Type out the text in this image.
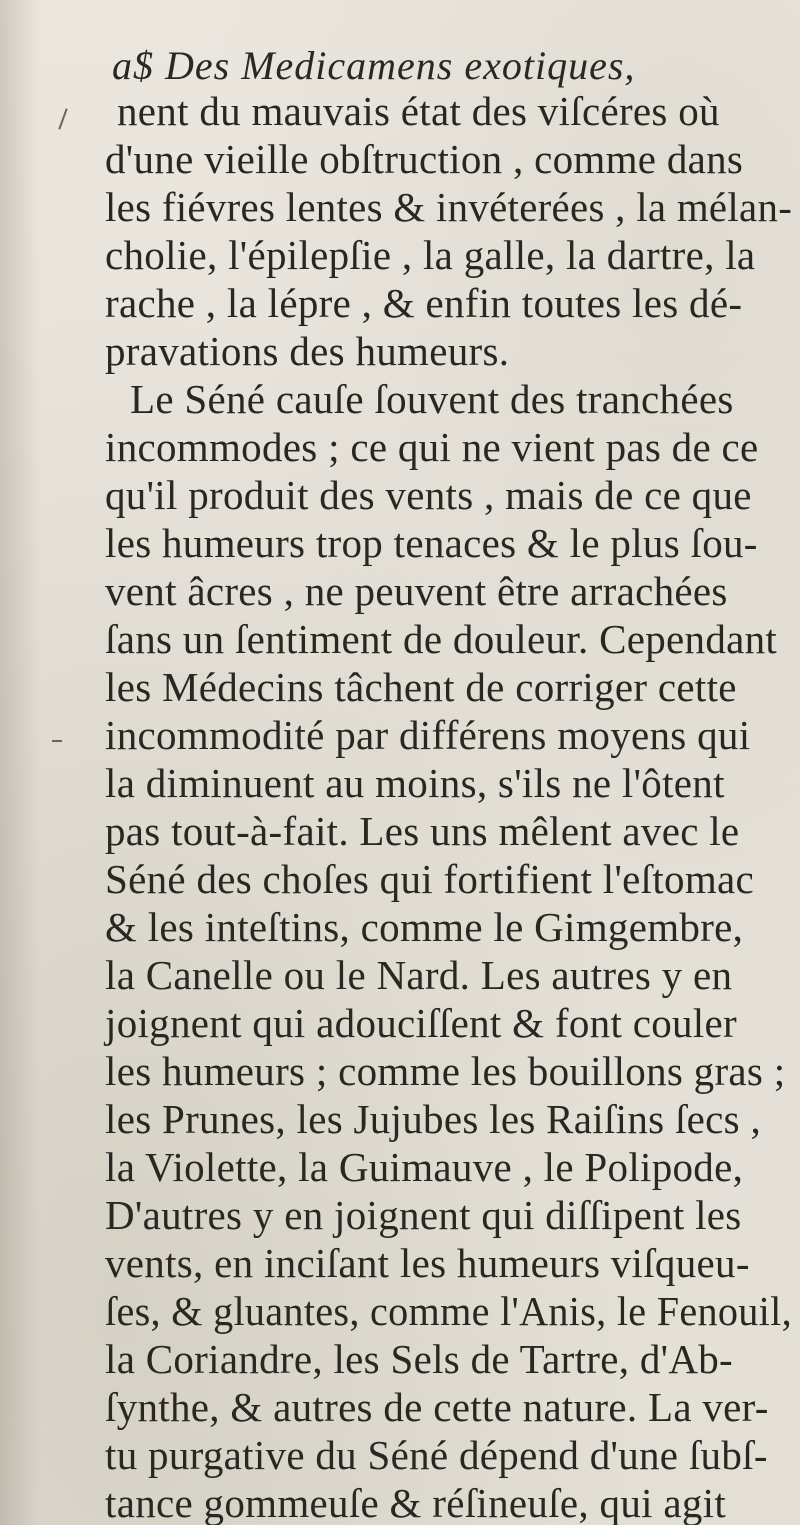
a$ Des Medicamens exotiques,
nent du mauvais état des viſcéres où
d'une vieille obſtruction , comme dans
les fiévres lentes & invéterées , la mélan-
cholie, l'épilepſie , la galle, la dartre, la
rache , la lépre , & enfin toutes les dé-
pravations des humeurs.
Le Séné cauſe ſouvent des tranchées
incommodes ; ce qui ne vient pas de ce
qu'il produit des vents , mais de ce que
les humeurs trop tenaces & le plus ſou-
vent âcres , ne peuvent être arrachées
ſans un ſentiment de douleur. Cependant
les Médecins tâchent de corriger cette
incommodité par différens moyens qui
la diminuent au moins, s'ils ne l'ôtent
pas tout-à-fait. Les uns mêlent avec le
Séné des choſes qui fortifient l'eſtomac
& les inteſtins, comme le Gimgembre,
la Canelle ou le Nard. Les autres y en
joignent qui adouciſſent & font couler
les humeurs ; comme les bouillons gras ;
les Prunes, les Jujubes les Raiſins ſecs ,
la Violette, la Guimauve , le Polipode,
D'autres y en joignent qui diſſipent les
vents, en inciſant les humeurs viſqueu-
ſes, & gluantes, comme l'Anis, le Fenouil,
la Coriandre, les Sels de Tartre, d'Ab-
ſynthe, & autres de cette nature. La ver-
tu purgative du Séné dépend d'une ſubſ-
tance gommeuſe & réſineuſe, qui agit
